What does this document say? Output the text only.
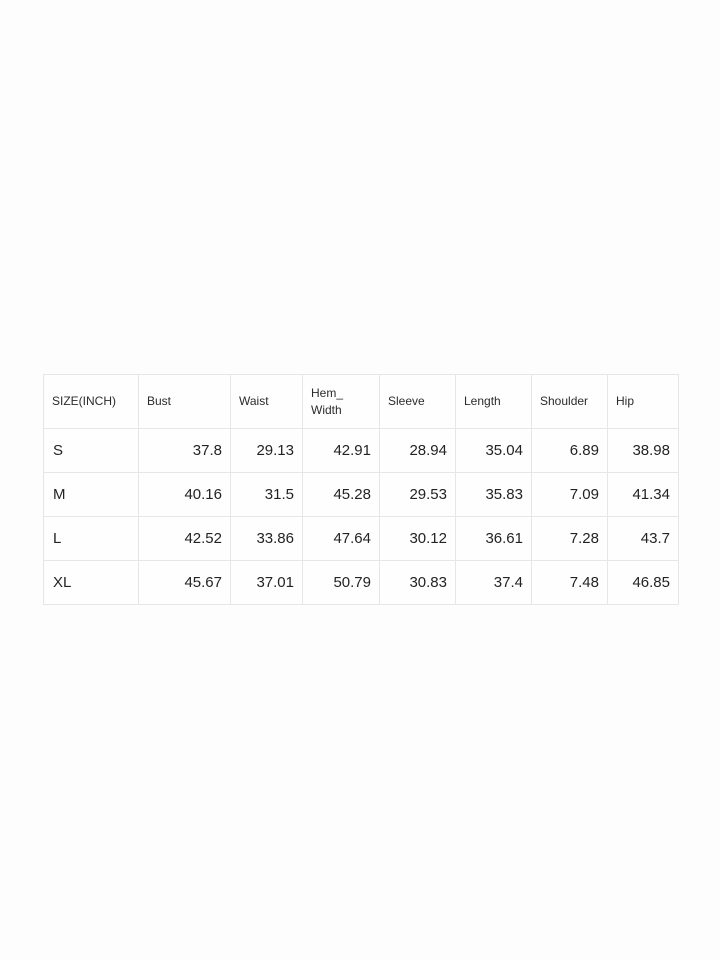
SIZE(INCH)	Bust	Waist	Hem_​Width	Sleeve	Length	Shoulder	Hip
S	37.8	29.13	42.91	28.94	35.04	6.89	38.98
M	40.16	31.5	45.28	29.53	35.83	7.09	41.34
L	42.52	33.86	47.64	30.12	36.61	7.28	43.7
XL	45.67	37.01	50.79	30.83	37.4	7.48	46.85
